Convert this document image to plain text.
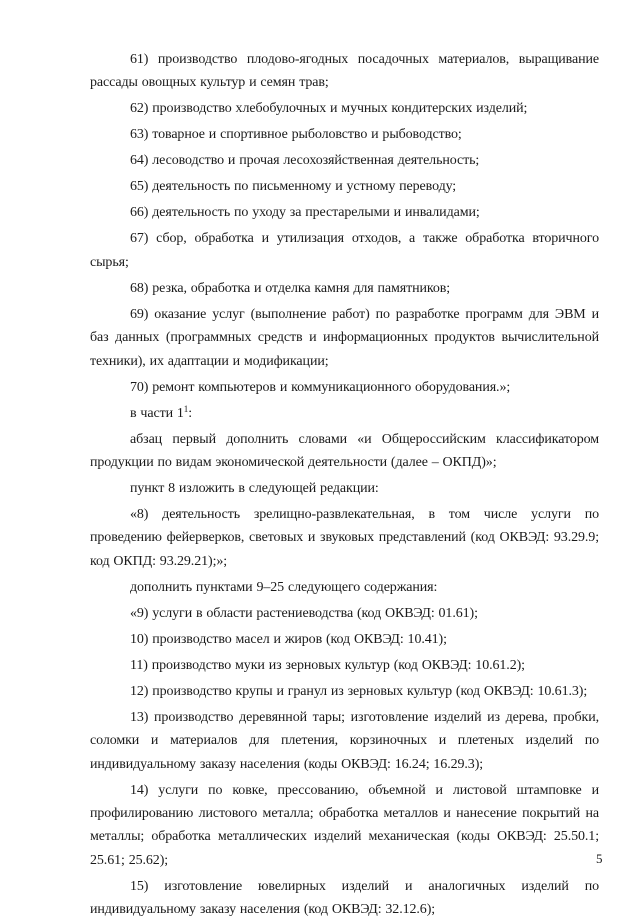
61) производство плодово-ягодных посадочных материалов, выращивание рассады овощных культур и семян трав;

62) производство хлебобулочных и мучных кондитерских изделий;

63) товарное и спортивное рыболовство и рыбоводство;

64) лесоводство и прочая лесохозяйственная деятельность;

65) деятельность по письменному и устному переводу;

66) деятельность по уходу за престарелыми и инвалидами;

67) сбор, обработка и утилизация отходов, а также обработка вторичного сырья;

68) резка, обработка и отделка камня для памятников;

69) оказание услуг (выполнение работ) по разработке программ для ЭВМ и баз данных (программных средств и информационных продуктов вычислительной техники), их адаптации и модификации;

70) ремонт компьютеров и коммуникационного оборудования.»;

в части $1^1$:

абзац первый дополнить словами «и Общероссийским классификатором продукции по видам экономической деятельности (далее – ОКПД)»;

пункт 8 изложить в следующей редакции:

«8) деятельность зрелищно-развлекательная, в том числе услуги по проведению фейерверков, световых и звуковых представлений (код ОКВЭД: 93.29.9; код ОКПД: 93.29.21);»;

дополнить пунктами 9–25 следующего содержания:

«9) услуги в области растениеводства (код ОКВЭД: 01.61);

10) производство масел и жиров (код ОКВЭД: 10.41);

11) производство муки из зерновых культур (код ОКВЭД: 10.61.2);

12) производство крупы и гранул из зерновых культур (код ОКВЭД: 10.61.3);

13) производство деревянной тары; изготовление изделий из дерева, пробки, соломки и материалов для плетения, корзиночных и плетеных изделий по индивидуальному заказу населения (коды ОКВЭД: 16.24; 16.29.3);

14) услуги по ковке, прессованию, объемной и листовой штамповке и профилированию листового металла; обработка металлов и нанесение покрытий на металлы; обработка металлических изделий механическая (коды ОКВЭД: 25.50.1; 25.61; 25.62);

15) изготовление ювелирных изделий и аналогичных изделий по индивидуальному заказу населения (код ОКВЭД: 32.12.6);

5
